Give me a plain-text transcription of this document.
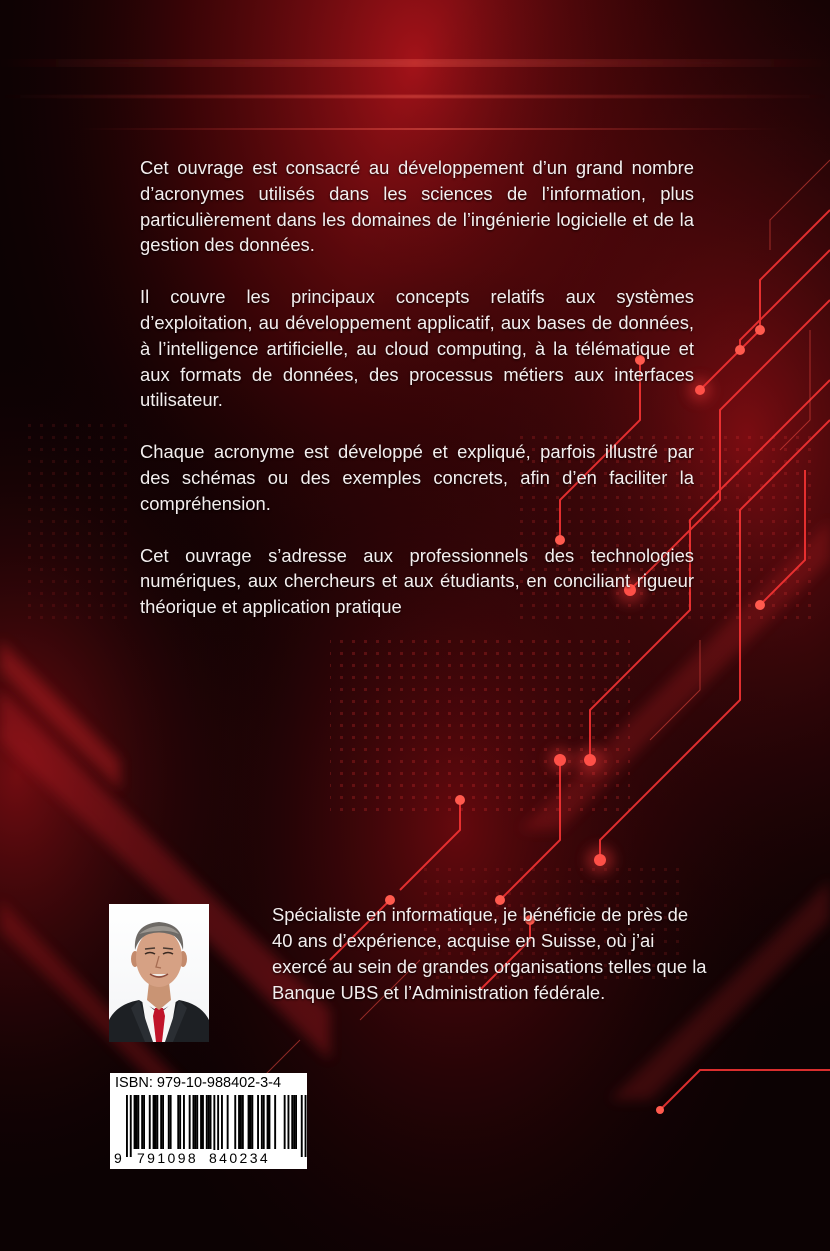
Cet ouvrage est consacré au développement d’un grand nombre d’acronymes utilisés dans les sciences de l’information, plus particulièrement dans les domaines de l’ingénierie logicielle et de la gestion des données.

Il couvre les principaux concepts relatifs aux systèmes d’exploitation, au développement applicatif, aux bases de données, à l’intelligence artificielle, au cloud computing, à la télématique et aux formats de données, des processus métiers aux interfaces utilisateur.

Chaque acronyme est développé et expliqué, parfois illustré par des schémas ou des exemples concrets, afin d’en faciliter la compréhension.

Cet ouvrage s’adresse aux professionnels des technologies numériques, aux chercheurs et aux étudiants, en conciliant rigueur théorique et application pratique

Spécialiste en informatique, je bénéficie de près de 40 ans d’expérience, acquise en Suisse, où j’ai exercé au sein de grandes organisations telles que la Banque UBS et l’Administration fédérale.
ISBN: 979-10-988402-3-4
9 791098 840234
